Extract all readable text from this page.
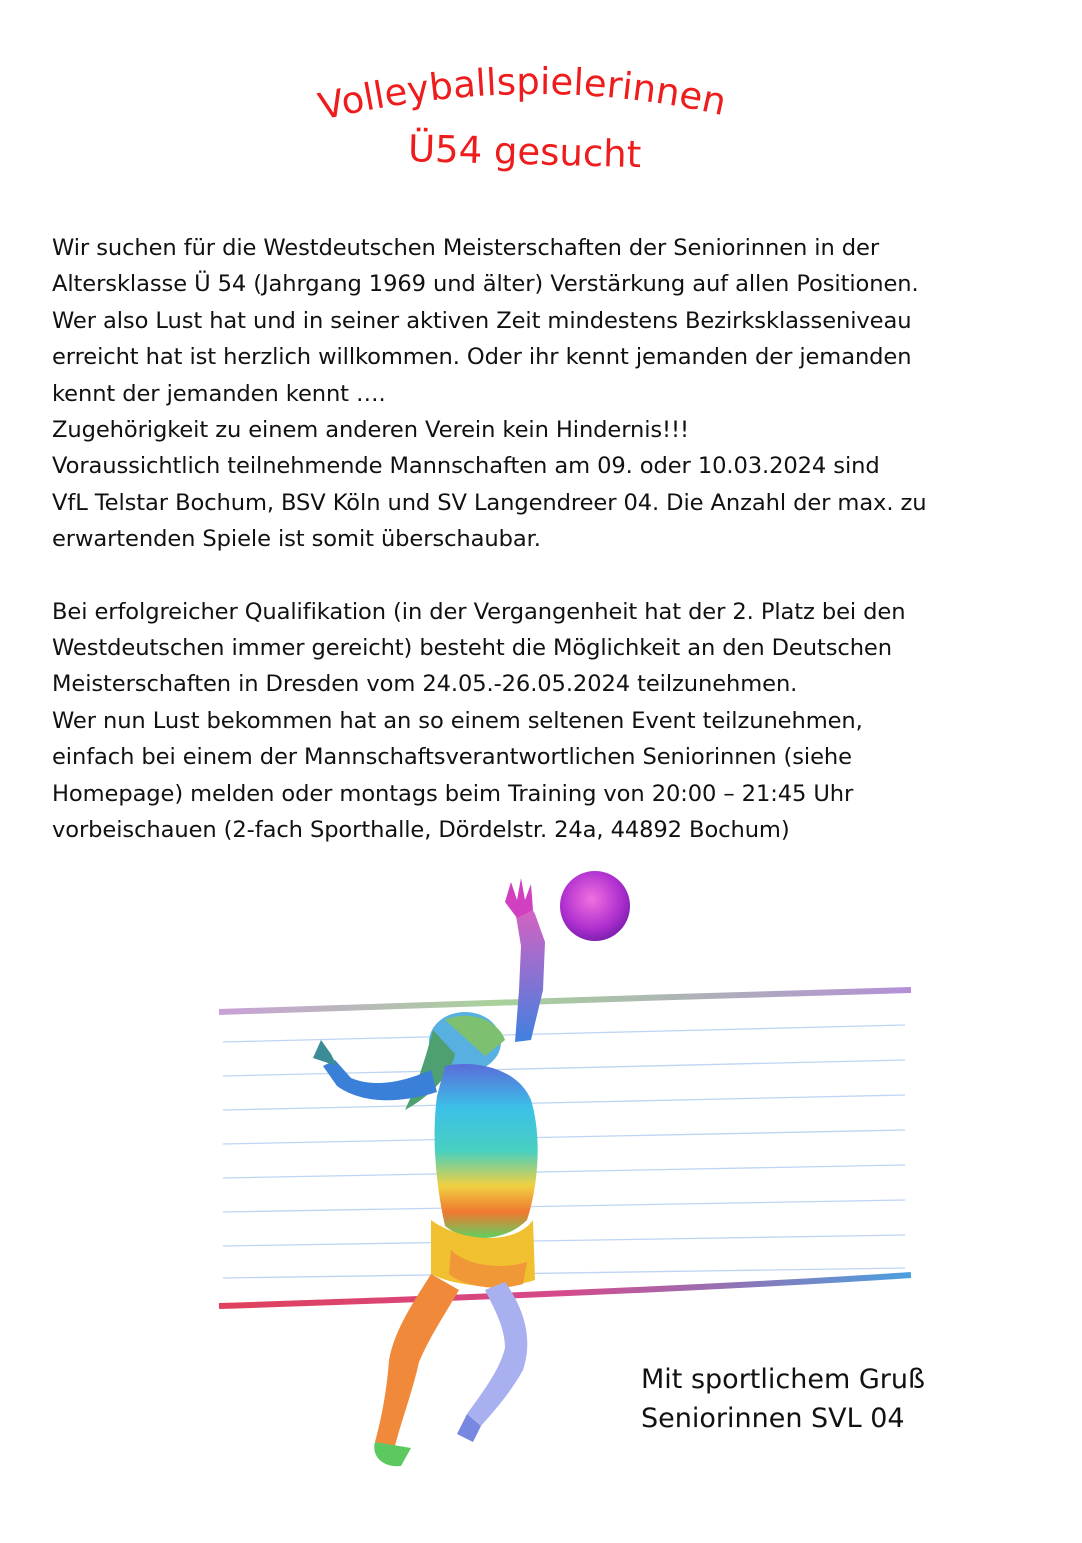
Volleyballspielerinnen
Ü54 gesucht

Wir suchen für die Westdeutschen Meisterschaften der Seniorinnen in der
Altersklasse Ü 54 (Jahrgang 1969 und älter) Verstärkung auf allen Positionen.
Wer also Lust hat und in seiner aktiven Zeit mindestens Bezirksklasseniveau
erreicht hat ist herzlich willkommen. Oder ihr kennt jemanden der jemanden
kennt der jemanden kennt ….
Zugehörigkeit zu einem anderen Verein kein Hindernis!!!
Voraussichtlich teilnehmende Mannschaften am 09. oder 10.03.2024 sind
VfL Telstar Bochum, BSV Köln und SV Langendreer 04. Die Anzahl der max. zu
erwartenden Spiele ist somit überschaubar.

Bei erfolgreicher Qualifikation (in der Vergangenheit hat der 2. Platz bei den
Westdeutschen immer gereicht) besteht die Möglichkeit an den Deutschen
Meisterschaften in Dresden vom 24.05.-26.05.2024 teilzunehmen.
Wer nun Lust bekommen hat an so einem seltenen Event teilzunehmen,
einfach bei einem der Mannschaftsverantwortlichen Seniorinnen (siehe
Homepage) melden oder montags beim Training von 20:00 – 21:45 Uhr
vorbeischauen (2-fach Sporthalle, Dördelstr. 24a, 44892 Bochum)

Mit sportlichem Gruß
Seniorinnen SVL 04
